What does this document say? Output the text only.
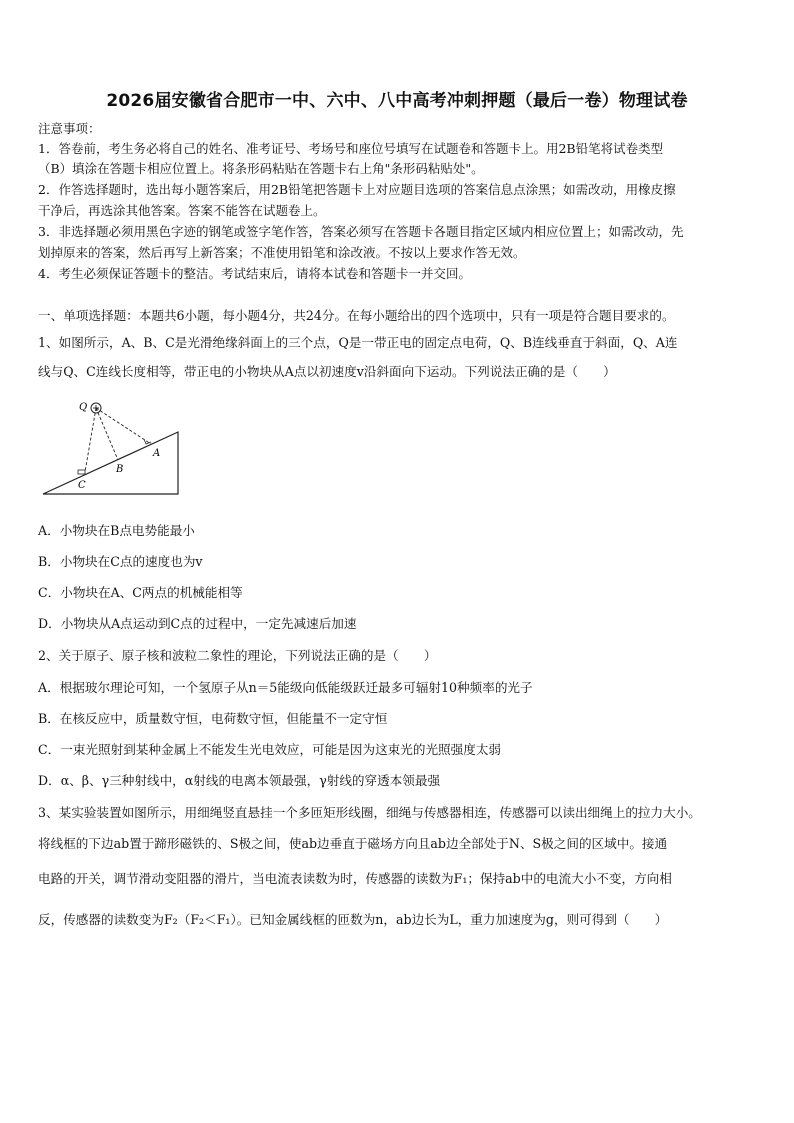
2026届安徽省合肥市一中、六中、八中高考冲刺押题（最后一卷）物理试卷
注意事项：
1．答卷前，考生务必将自己的姓名、准考证号、考场号和座位号填写在试题卷和答题卡上。用2B铅笔将试卷类型
（B）填涂在答题卡相应位置上。将条形码粘贴在答题卡右上角"条形码粘贴处"。
2．作答选择题时，选出每小题答案后，用2B铅笔把答题卡上对应题目选项的答案信息点涂黑；如需改动，用橡皮擦
干净后，再选涂其他答案。答案不能答在试题卷上。
3．非选择题必须用黑色字迹的钢笔或签字笔作答，答案必须写在答题卡各题目指定区域内相应位置上；如需改动，先
划掉原来的答案，然后再写上新答案；不准使用铅笔和涂改液。不按以上要求作答无效。
4．考生必须保证答题卡的整洁。考试结束后，请将本试卷和答题卡一并交回。
一、单项选择题：本题共6小题，每小题4分，共24分。在每小题给出的四个选项中，只有一项是符合题目要求的。
1、如图所示，A、B、C是光滑绝缘斜面上的三个点，Q是一带正电的固定点电荷，Q、B连线垂直于斜面，Q、A连
线与Q、C连线长度相等，带正电的小物块从A点以初速度v沿斜面向下运动。下列说法正确的是（　　）
Q
A
B
C
A．小物块在B点电势能最小
B．小物块在C点的速度也为v
C．小物块在A、C两点的机械能相等
D．小物块从A点运动到C点的过程中，一定先减速后加速
2、关于原子、原子核和波粒二象性的理论，下列说法正确的是（　　）
A．根据玻尔理论可知，一个氢原子从n＝5能级向低能级跃迁最多可辐射10种频率的光子
B．在核反应中，质量数守恒，电荷数守恒，但能量不一定守恒
C．一束光照射到某种金属上不能发生光电效应，可能是因为这束光的光照强度太弱
D．α、β、γ三种射线中，α射线的电离本领最强，γ射线的穿透本领最强
3、某实验装置如图所示，用细绳竖直悬挂一个多匝矩形线圈，细绳与传感器相连，传感器可以读出细绳上的拉力大小。
将线框的下边ab置于蹄形磁铁的、S极之间，使ab边垂直于磁场方向且ab边全部处于N、S极之间的区域中。接通
电路的开关，调节滑动变阻器的滑片，当电流表读数为时，传感器的读数为F₁；保持ab中的电流大小不变，方向相
反，传感器的读数变为F₂（F₂＜F₁）。已知金属线框的匝数为n，ab边长为L，重力加速度为g，则可得到（　　）
